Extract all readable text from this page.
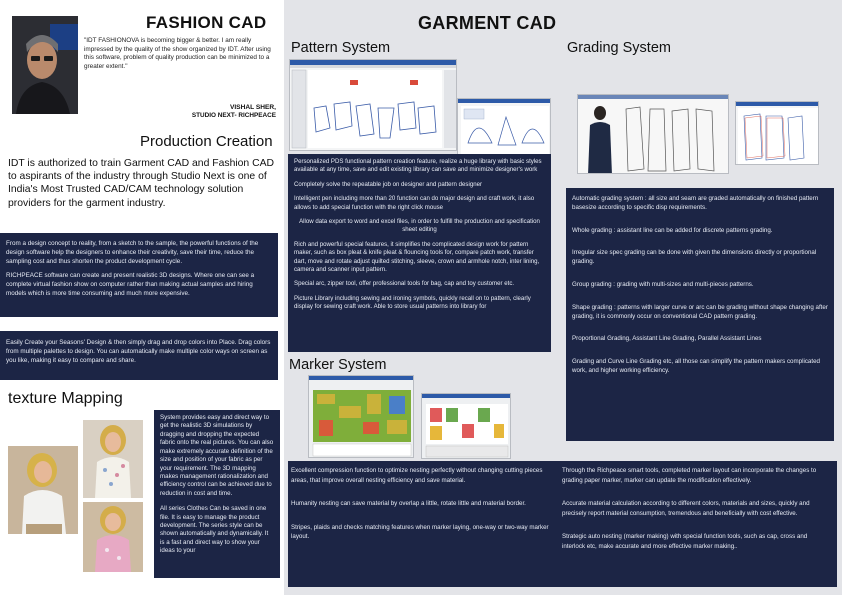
FASHION CAD
"IDT FASHIONOVA is becoming bigger & better. I am really impressed by the quality of the show organized by IDT. After using this software, problem of quality production can be minimized to a greater extent."
VISHAL SHER,
STUDIO NEXT- RICHPEACE
Production Creation
IDT is authorized to train Garment CAD and Fashion CAD to aspirants of the industry through Studio Next is one of India's Most Trusted CAD/CAM technology solution providers for the garment industry.

From a design concept to reality, from a sketch to the sample, the powerful functions of the design software help the designers to enhance their creativity, save their time, reduce the sampling cost and thus shorten the product development cycle.

RICHPEACE software can create and present realistic 3D designs. Where one can see a complete virtual fashion show on computer rather than making actual samples and hiring models which is more time consuming and much more expensive.

Easily Create your Seasons' Design & then simply drag and drop colors into Place. Drag colors from multiple palettes to design. You can automatically make multiple color ways on screen as you like, making it easy to compare and share.

texture Mapping

System provides easy and direct way to get the realistic 3D simulations by dragging and dropping the expected fabric onto the real pictures. You can also make extremely accurate definition of the size and position of your fabric as per your requirement. The 3D mapping makes management rationalization and efficiency control can be achieved due to reduction in cost and time.

All series Clothes Can be saved in one file. It is easy to manage the product development. The series style can be shown automatically and dynamically. It is a fast and direct way to show your ideas to your

GARMENT CAD
Pattern System	Grading System

Personalized PDS functional pattern creation feature, realize a huge library with basic styles available at any time, save and edit existing library can save and minimize designer's work

Completely solve the repeatable job on designer and pattern designer

Intelligent pen including more than 20 function can do major design and craft work, it also allows to add special function with the right click mouse

Allow data export to word and excel files, in order to fulfill the production and specification sheet editing

Rich and powerful special features, it simplifies the complicated design work for pattern maker, such as box pleat & knife pleat & flouncing tools for, compare patch work, transfer dart, move and rotate adjust quilted stitching, sleeve, crown and armhole notch, inter lining, camera and scanner input pattern.

Special arc, zipper tool, offer professional tools for bag, cap and toy customer etc.

Picture Library including sewing and ironing symbols, quickly recall on to pattern, clearly display for sewing craft work. Able to store usual patterns into library for

Automatic grading system : all size and seam are graded automatically on finished pattern basesize according to specific disp requirements.

Whole grading : assistant line can be added for discrete patterns grading.

Irregular size spec grading can be done with given the dimensions directly or proportional grading.

Group grading : grading with multi-sizes and multi-pieces patterns.

Shape grading : patterns with larger curve or arc can be grading without shape changing after grading, it is commonly occur on conventional CAD pattern grading.

Proportional Grading, Assistant Line Grading, Parallel Assistant Lines

Grading and Curve Line Grading etc, all those can simplify the pattern makers complicated work, and higher working efficiency.

Marker System

Excellent compression function to optimize nesting perfectly without changing cutting pieces areas, that improve overall nesting efficiency and save material.

Humanity nesting can save material by overlap a little, rotate little and material border.

Stripes, plaids and checks matching features when marker laying, one-way or two-way marker layout.

Through the Richpeace smart tools, completed marker layout can incorporate the changes to grading paper marker, marker can update the modification effectively.

Accurate material calculation according to different colors, materials and sizes, quickly and precisely report material consumption, tremendous and beneficially with cost effective.

Strategic auto nesting (marker making) with special function tools, such as cap, cross and interlock etc, make accurate and more effective marker making..
